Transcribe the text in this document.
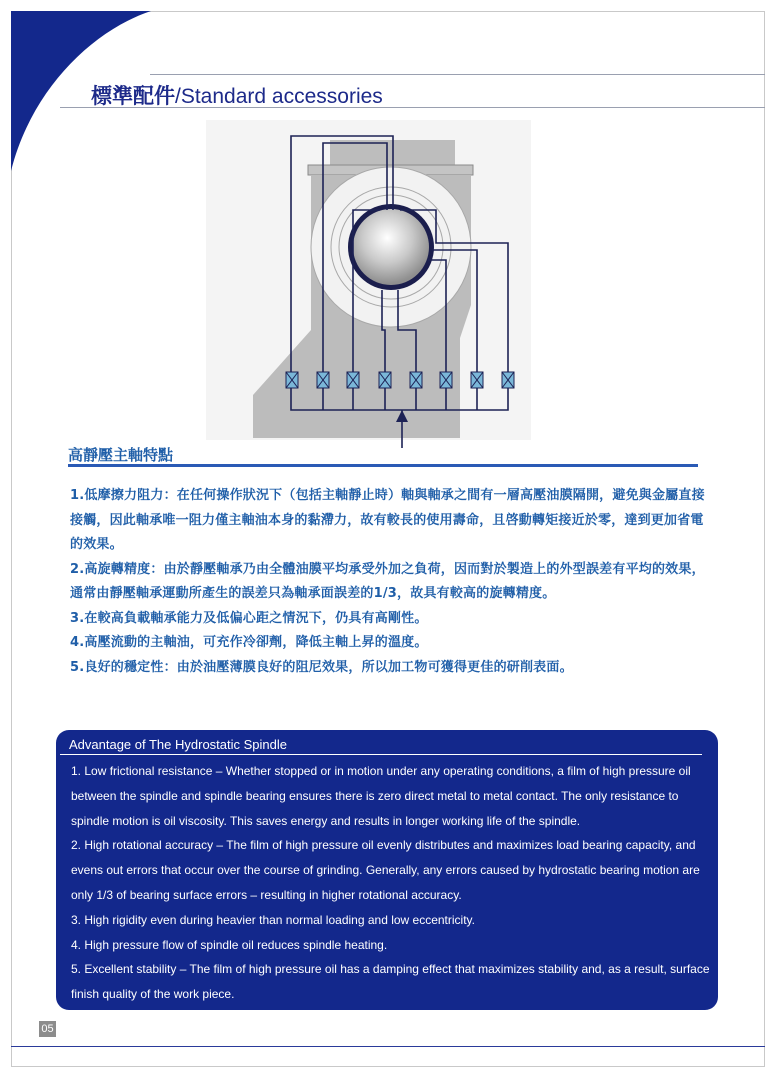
標準配件/Standard accessories
高靜壓主軸特點
1.低摩擦力阻力：在任何操作狀況下（包括主軸靜止時）軸與軸承之間有一層高壓油膜隔開，避免與金屬直接接觸，因此軸承唯一阻力僅主軸油本身的黏滯力，故有較長的使用壽命，且啓動轉矩接近於零，達到更加省電的效果。
2.高旋轉精度：由於靜壓軸承乃由全體油膜平均承受外加之負荷，因而對於製造上的外型誤差有平均的效果，通常由靜壓軸承運動所產生的誤差只為軸承面誤差的1/3，故具有較高的旋轉精度。
3.在較高負載軸承能力及低偏心距之情況下，仍具有高剛性。
4.高壓流動的主軸油，可充作冷卻劑，降低主軸上昇的溫度。
5.良好的穩定性：由於油壓薄膜良好的阻尼效果，所以加工物可獲得更佳的研削表面。
Advantage of The Hydrostatic Spindle
1. Low frictional resistance – Whether stopped or in motion under any operating conditions, a film of high pressure oil between the spindle and spindle bearing ensures there is zero direct metal to metal contact. The only resistance to spindle motion is oil viscosity. This saves energy and results in longer working life of the spindle.
2. High rotational accuracy – The film of high pressure oil evenly distributes and maximizes load bearing capacity, and evens out errors that occur over the course of grinding. Generally, any errors caused by hydrostatic bearing motion are only 1/3 of bearing surface errors – resulting in higher rotational accuracy.
3. High rigidity even during heavier than normal loading and low eccentricity.
4. High pressure flow of spindle oil reduces spindle heating.
5. Excellent stability – The film of high pressure oil has a damping effect that maximizes stability and, as a result, surface finish quality of the work piece.
05
